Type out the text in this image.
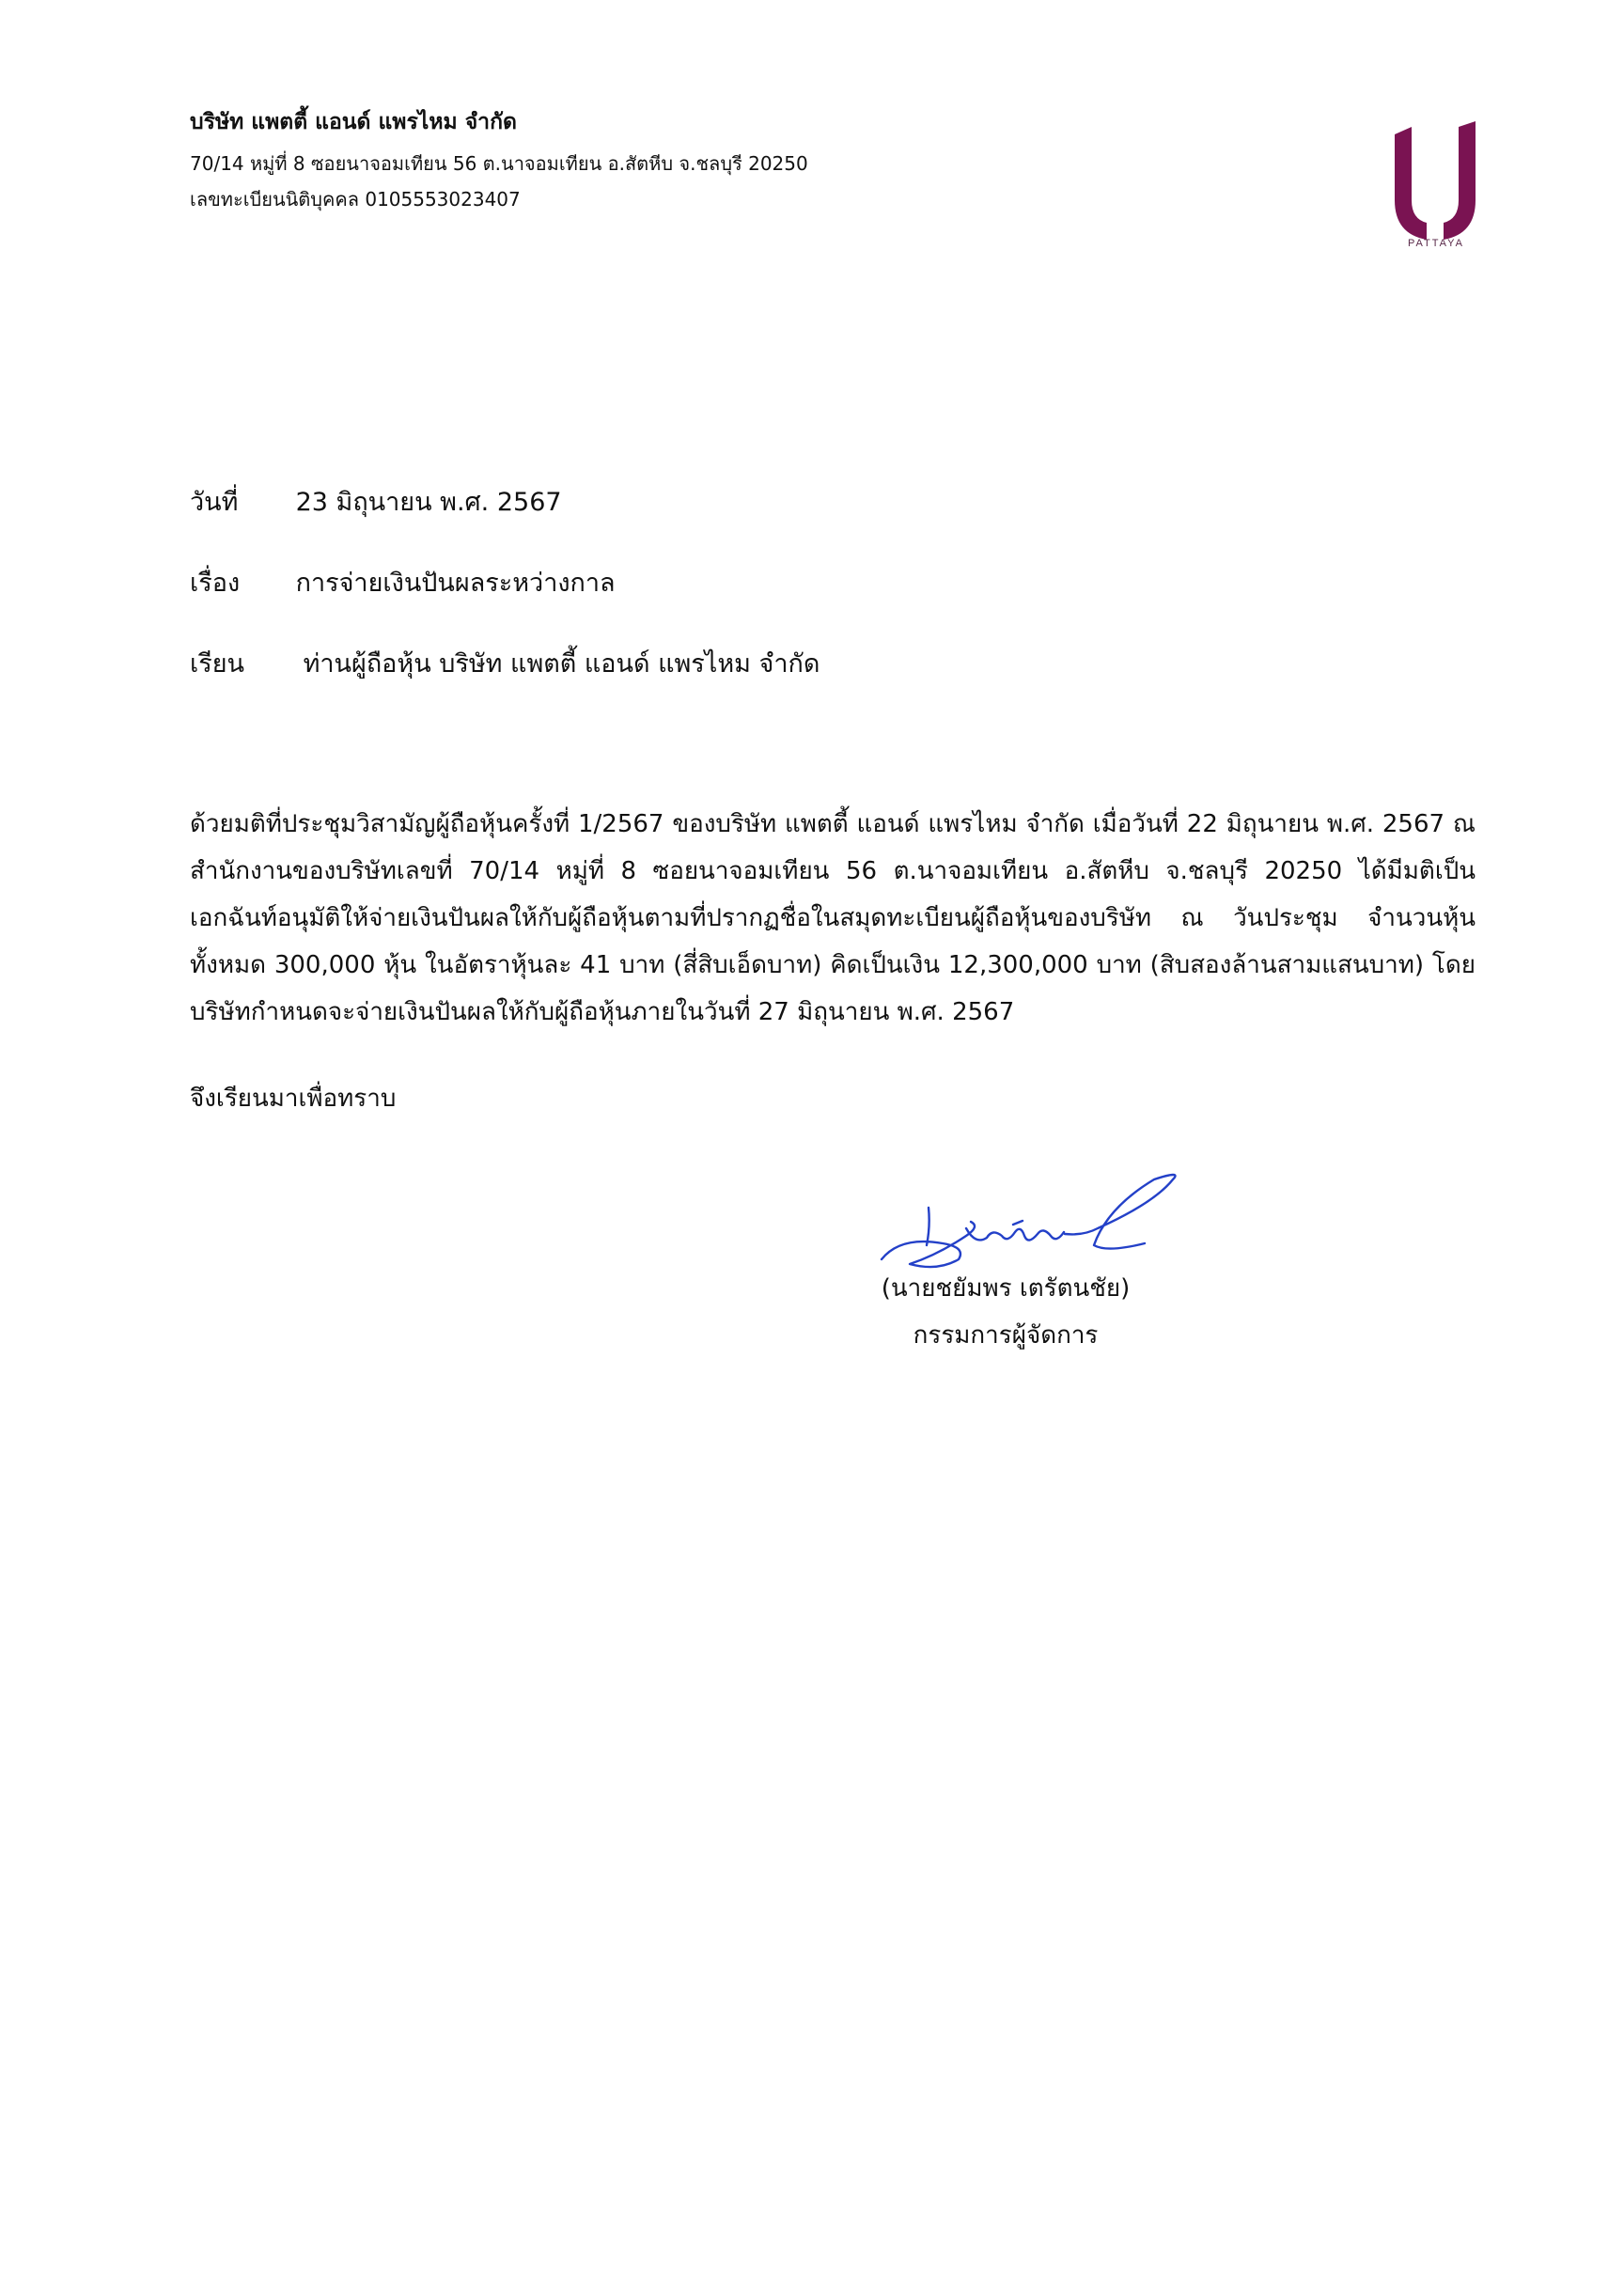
บริษัท แพตตี้ แอนด์ แพรไหม จำกัด

70/14 หมู่ที่ 8 ซอยนาจอมเทียน 56 ต.นาจอมเทียน อ.สัตหีบ จ.ชลบุรี 20250

เลขทะเบียนนิติบุคคล 0105553023407

PATTAYA
วันที่ 23 มิถุนายน พ.ศ. 2567
เรื่อง การจ่ายเงินปันผลระหว่างกาล
เรียน ท่านผู้ถือหุ้น บริษัท แพตตี้ แอนด์ แพรไหม จำกัด

ด้วยมติที่ประชุมวิสามัญผู้ถือหุ้นครั้งที่ 1/2567 ของบริษัท แพตตี้ แอนด์ แพรไหม จำกัด เมื่อวันที่ 22 มิถุนายน พ.ศ. 2567 ณ สำนักงานของบริษัทเลขที่ 70/14 หมู่ที่ 8 ซอยนาจอมเทียน 56 ต.นาจอมเทียน อ.สัตหีบ จ.ชลบุรี 20250 ได้มีมติเป็นเอกฉันท์อนุมัติให้จ่ายเงินปันผลให้กับผู้ถือหุ้นตามที่ปรากฏชื่อในสมุดทะเบียนผู้ถือหุ้นของบริษัท ณ วันประชุม จำนวนหุ้นทั้งหมด 300,000 หุ้น ในอัตราหุ้นละ 41 บาท (สี่สิบเอ็ดบาท) คิดเป็นเงิน 12,300,000 บาท (สิบสองล้านสามแสนบาท) โดยบริษัทกำหนดจะจ่ายเงินปันผลให้กับผู้ถือหุ้นภายในวันที่ 27 มิถุนายน พ.ศ. 2567

จึงเรียนมาเพื่อทราบ
(นายชยัมพร เตรัตนชัย)
กรรมการผู้จัดการ
